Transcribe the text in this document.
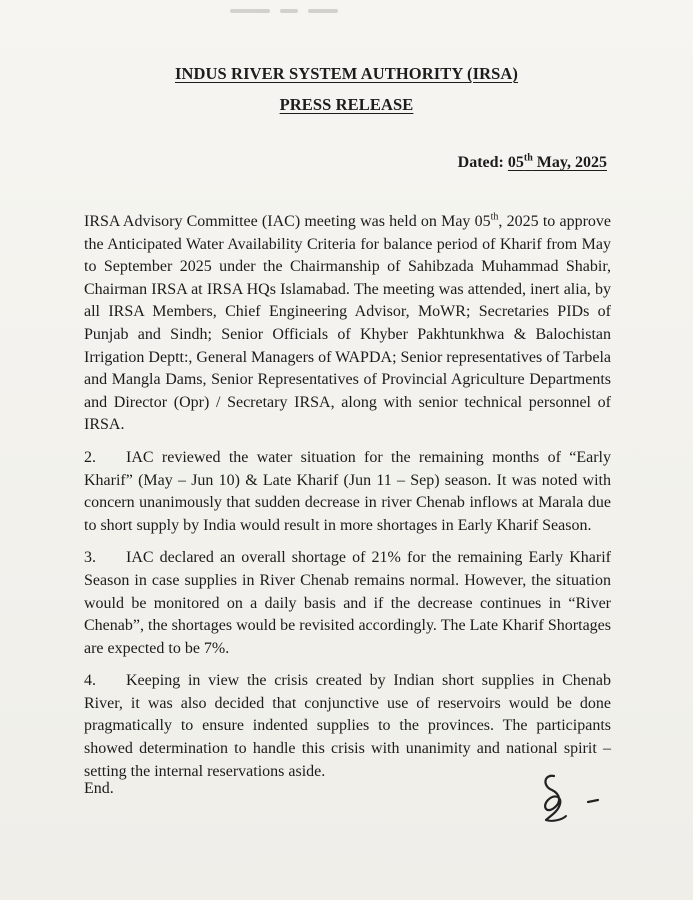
INDUS RIVER SYSTEM AUTHORITY (IRSA)
PRESS RELEASE
Dated: 05th May, 2025

IRSA Advisory Committee (IAC) meeting was held on May 05th, 2025 to approve the Anticipated Water Availability Criteria for balance period of Kharif from May to September 2025 under the Chairmanship of Sahibzada Muhammad Shabir, Chairman IRSA at IRSA HQs Islamabad. The meeting was attended, inert alia, by all IRSA Members, Chief Engineering Advisor, MoWR; Secretaries PIDs of Punjab and Sindh; Senior Officials of Khyber Pakhtunkhwa & Balochistan Irrigation Deptt:, General Managers of WAPDA; Senior representatives of Tarbela and Mangla Dams, Senior Representatives of Provincial Agriculture Departments and Director (Opr) / Secretary IRSA, along with senior technical personnel of IRSA.

2. IAC reviewed the water situation for the remaining months of “Early Kharif” (May – Jun 10) & Late Kharif (Jun 11 – Sep) season. It was noted with concern unanimously that sudden decrease in river Chenab inflows at Marala due to short supply by India would result in more shortages in Early Kharif Season.

3. IAC declared an overall shortage of 21% for the remaining Early Kharif Season in case supplies in River Chenab remains normal. However, the situation would be monitored on a daily basis and if the decrease continues in “River Chenab”, the shortages would be revisited accordingly. The Late Kharif Shortages are expected to be 7%.

4. Keeping in view the crisis created by Indian short supplies in Chenab River, it was also decided that conjunctive use of reservoirs would be done pragmatically to ensure indented supplies to the provinces. The participants showed determination to handle this crisis with unanimity and national spirit – setting the internal reservations aside.

End.
